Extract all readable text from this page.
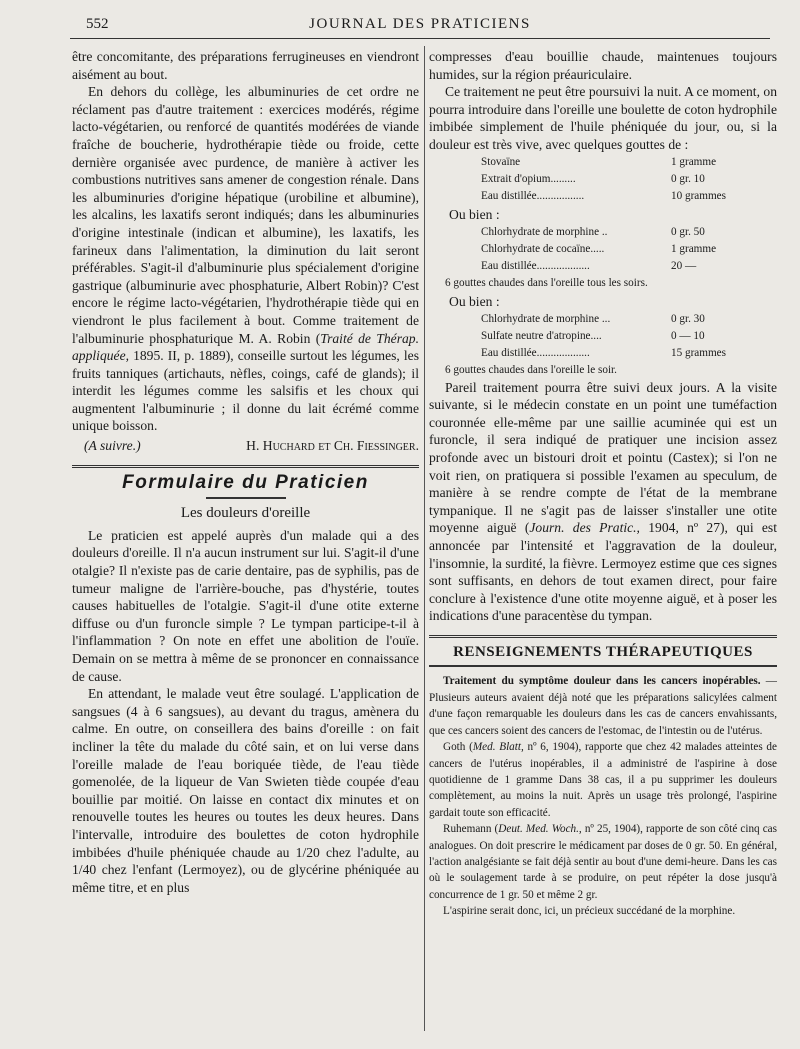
552	JOURNAL DES PRATICIENS

être concomitante, des préparations ferrugineuses en viendront aisément au bout.

En dehors du collège, les albuminuries de cet ordre ne réclament pas d'autre traitement : exercices modérés, régime lacto-végétarien, ou renforcé de quantités modérées de viande fraîche de boucherie, hydrothérapie tiède ou froide, cette dernière organisée avec purdence, de manière à activer les combustions nutritives sans amener de congestion rénale. Dans les albuminuries d'origine hépatique (urobiline et albumine), les alcalins, les laxatifs seront indiqués; dans les albuminuries d'origine intestinale (indican et albumine), les laxatifs, les farineux dans l'alimentation, la diminution du lait seront préférables. S'agit-il d'albuminurie plus spécialement d'origine gastrique (albuminurie avec phosphaturie, Albert Robin)? C'est encore le régime lacto-végétarien, l'hydrothérapie tiède qui en viendront le plus facilement à bout. Comme traitement de l'albuminurie phosphaturique M. A. Robin (Traité de Thérap. appliquée, 1895. II, p. 1889), conseille surtout les légumes, les fruits tanniques (artichauts, nèfles, coings, café de glands); il interdit les légumes comme les salsifis et les choux qui augmentent l'albuminurie ; il donne du lait écrémé comme unique boisson.

(A suivre.)	H. Huchard et Ch. Fiessinger.
Formulaire du Praticien
Les douleurs d'oreille

Le praticien est appelé auprès d'un malade qui a des douleurs d'oreille. Il n'a aucun instrument sur lui. S'agit-il d'une otalgie? Il n'existe pas de carie dentaire, pas de syphilis, pas de tumeur maligne de l'arrière-bouche, pas d'hystérie, toutes causes habituelles de l'otalgie. S'agit-il d'une otite externe diffuse ou d'un furoncle simple ? Le tympan participe-t-il à l'inflammation ? On note en effet une abolition de l'ouïe. Demain on se mettra à même de se prononcer en connaissance de cause.

En attendant, le malade veut être soulagé. L'application de sangsues (4 à 6 sangsues), au devant du tragus, amènera du calme. En outre, on conseillera des bains d'oreille : on fait incliner la tête du malade du côté sain, et on lui verse dans l'oreille malade de l'eau boriquée tiède, de l'eau tiède gomenolée, de la liqueur de Van Swieten tiède coupée d'eau bouillie par moitié. On laisse en contact dix minutes et on renouvelle toutes les heures ou toutes les deux heures. Dans l'intervalle, introduire des boulettes de coton hydrophile imbibées d'huile phéniquée chaude au 1/20 chez l'adulte, au 1/40 chez l'enfant (Lermoyez), ou de glycérine phéniquée au même titre, et en plus

compresses d'eau bouillie chaude, maintenues toujours humides, sur la région préauriculaire.

Ce traitement ne peut être poursuivi la nuit. A ce moment, on pourra introduire dans l'oreille une boulette de coton hydrophile imbibée simplement de l'huile phéniquée du jour, ou, si la douleur est très vive, avec quelques gouttes de :

Stovaïne	1 gramme
Extrait d'opium.........	0 gr. 10
Eau distillée.................	10 grammes
Ou bien :
Chlorhydrate de morphine ..	0 gr. 50
Chlorhydrate de cocaïne.....	1 gramme
Eau distillée...................	20 —
6 gouttes chaudes dans l'oreille tous les soirs.
Ou bien :
Chlorhydrate de morphine ...	0 gr. 30
Sulfate neutre d'atropine....	0 — 10
Eau distillée...................	15 grammes
6 gouttes chaudes dans l'oreille le soir.

Pareil traitement pourra être suivi deux jours. A la visite suivante, si le médecin constate en un point une tuméfaction couronnée elle-même par une saillie acuminée qui est un furoncle, il sera indiqué de pratiquer une incision assez profonde avec un bistouri droit et pointu (Castex); si l'on ne voit rien, on pratiquera si possible l'examen au speculum, de manière à se rendre compte de l'état de la membrane tympanique. Il ne s'agit pas de laisser s'installer une otite moyenne aiguë (Journ. des Pratic., 1904, nº 27), qui est annoncée par l'intensité et l'aggravation de la douleur, l'insomnie, la surdité, la fièvre. Lermoyez estime que ces signes sont suffisants, en dehors de tout examen direct, pour faire conclure à l'existence d'une otite moyenne aiguë, et à poser les indications d'une paracentèse du tympan.

RENSEIGNEMENTS THÉRAPEUTIQUES

Traitement du symptôme douleur dans les cancers inopérables. — Plusieurs auteurs avaient déjà noté que les préparations salicylées calment d'une façon remarquable les douleurs dans les cas de cancers envahissants, que ces cancers soient des cancers de l'estomac, de l'intestin ou de l'utérus.

Goth (Med. Blatt, nº 6, 1904), rapporte que chez 42 malades atteintes de cancers de l'utérus inopérables, il a administré de l'aspirine à dose quotidienne de 1 gramme Dans 38 cas, il a pu supprimer les douleurs complètement, au moins la nuit. Après un usage très prolongé, l'aspirine gardait toute son efficacité.

Ruhemann (Deut. Med. Woch., nº 25, 1904), rapporte de son côté cinq cas analogues. On doit prescrire le médicament par doses de 0 gr. 50. En général, l'action analgésiante se fait déjà sentir au bout d'une demi-heure. Dans les cas où le soulagement tarde à se produire, on peut répéter la dose jusqu'à concurrence de 1 gr. 50 et même 2 gr.

L'aspirine serait donc, ici, un précieux succédané de la morphine.
